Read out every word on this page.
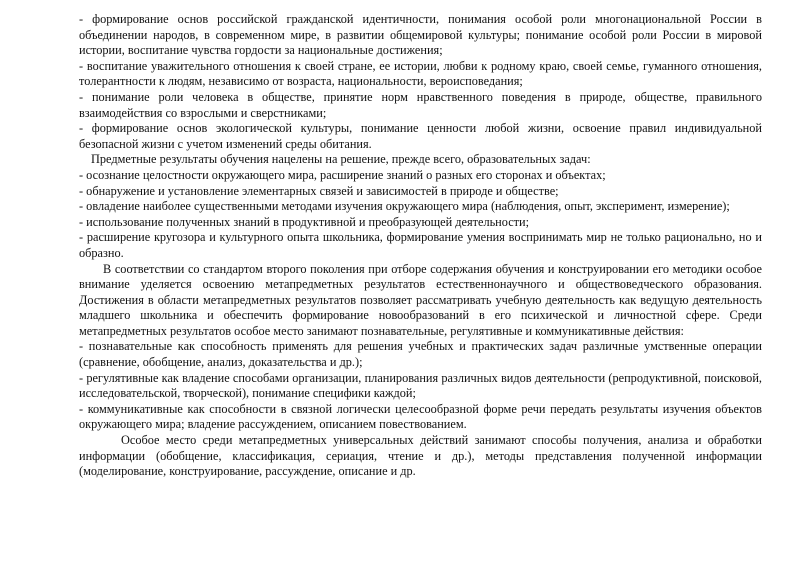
- формирование основ российской гражданской идентичности, понимания особой роли многонациональной России в объединении народов, в современном мире, в развитии общемировой культуры; понимание особой роли России в мировой истории, воспитание чувства гордости за национальные достижения;

- воспитание уважительного отношения к своей стране, ее истории, любви к родному краю, своей семье, гуманного отношения, толерантности к людям, независимо от возраста, национальности, вероисповедания;

- понимание роли человека в обществе, принятие норм нравственного поведения в природе, обществе, правильного взаимодействия со взрослыми и сверстниками;

- формирование основ экологической культуры, понимание ценности любой жизни, освоение правил индивидуальной безопасной жизни с учетом изменений среды обитания.

Предметные результаты обучения нацелены на решение, прежде всего, образовательных задач:

- осознание целостности окружающего мира, расширение знаний о разных его сторонах и объектах;

- обнаружение и установление элементарных связей и зависимостей в природе и обществе;

- овладение наиболее существенными методами изучения окружающего мира (наблюдения, опыт, эксперимент, измерение);

- использование полученных знаний в продуктивной и преобразующей деятельности;

- расширение кругозора и культурного опыта школьника, формирование умения воспринимать мир не только рационально, но и образно.

В соответствии со стандартом второго поколения при отборе содержания обучения и конструировании его методики особое внимание уделяется освоению метапредметных результатов естественнонаучного и обществоведческого образования. Достижения в области метапредметных результатов позволяет рассматривать учебную деятельность как ведущую деятельность младшего школьника и обеспечить формирование новообразований в его психической и личностной сфере. Среди метапредметных результатов особое место занимают познавательные, регулятивные и коммуникативные действия:

- познавательные как способность применять для решения учебных и практических задач различные умственные операции (сравнение, обобщение, анализ, доказательства и др.);

- регулятивные как владение способами организации, планирования различных видов деятельности (репродуктивной, поисковой, исследовательской, творческой), понимание специфики каждой;

- коммуникативные как способности в связной логически целесообразной форме речи передать результаты изучения объектов окружающего мира; владение рассуждением, описанием повествованием.

Особое место среди метапредметных универсальных действий занимают способы получения, анализа и обработки информации (обобщение, классификация, сериация, чтение и др.), методы представления полученной информации (моделирование, конструирование, рассуждение, описание и др.
